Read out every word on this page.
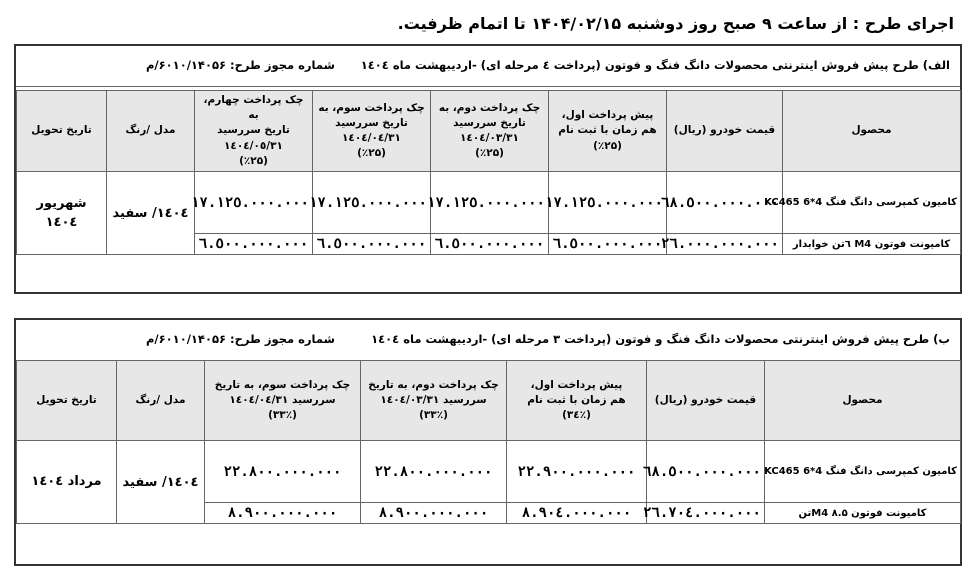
اجرای طرح : از ساعت ۹ صبح روز دوشنبه ۱۴۰۴/۰۲/۱۵ تا اتمام ظرفیت.
الف) طرح پیش فروش اینترنتی محصولات دانگ فنگ و فوتون (پرداخت ٤ مرحله ای) -اردیبهشت ماه ١٤٠٤
شماره مجوز طرح: ۶۰۱۰/۱۴۰۵۶/م
محصول	قیمت خودرو (ریال)	پیش پرداخت اول،
هم زمان با ثبت نام
(٪۲۵)	چک پرداخت دوم، به
تاریخ سررسید
۱٤٠٤/٠٣/٣١
(٪۲۵)	چک پرداخت سوم، به
تاریخ سررسید
۱٤٠٤/٠٤/٣١
(٪۲۵)	چک پرداخت چهارم، به
تاریخ سررسید
۱٤٠٤/٠٥/٣١
(٪۲۵)	مدل /رنگ	تاریخ تحویل
کامیون کمپرسی دانگ فنگ KC465 6*4	٦٨.٥٠٠.٠٠٠.٠٠٠	١٧.١٢٥.٠٠٠.٠٠٠	١٧.١٢٥.٠٠٠.٠٠٠	١٧.١٢٥.٠٠٠.٠٠٠	١٧.١٢٥.٠٠٠.٠٠٠	۱٤٠٤/ سفید	شهریور
۱٤٠٤

کامیونت فوتون M4 ٦تن خوابدار	٢٦.٠٠٠.٠٠٠.٠٠٠	٦.٥٠٠.٠٠٠.٠٠٠	٦.٥٠٠.٠٠٠.٠٠٠	٦.٥٠٠.٠٠٠.٠٠٠	٦.٥٠٠.٠٠٠.٠٠٠		
ب) طرح پیش فروش اینترنتی محصولات دانگ فنگ و فوتون (پرداخت ٣ مرحله ای) -اردیبهشت ماه ١٤٠٤
شماره مجوز طرح: ۶۰۱۰/۱۴۰۵۶/م
محصول	قیمت خودرو (ریال)	پیش پرداخت اول،
هم زمان با ثبت نام
(٪٣٤)	چک پرداخت دوم، به تاریخ
سررسید ۱٤٠٤/٠٣/٣١
(٪٣٣)	چک پرداخت سوم، به تاریخ
سررسید ۱٤٠٤/٠٤/٣١
(٪٣٣)	مدل /رنگ	تاریخ تحویل
کامیون کمپرسی دانگ فنگ KC465 6*4	٦٨.٥٠٠.٠٠٠.٠٠٠	٢٢.٩٠٠.٠٠٠.٠٠٠	٢٢.٨٠٠.٠٠٠.٠٠٠	٢٢.٨٠٠.٠٠٠.٠٠٠	۱٤٠٤/ سفید	مرداد ۱٤٠٤
کامیونت فوتون M4 ۸.۵تن	٢٦.٧٠٤.٠٠٠.٠٠٠	٨.٩٠٤.٠٠٠.٠٠٠	٨.٩٠٠.٠٠٠.٠٠٠	٨.٩٠٠.٠٠٠.٠٠٠		
